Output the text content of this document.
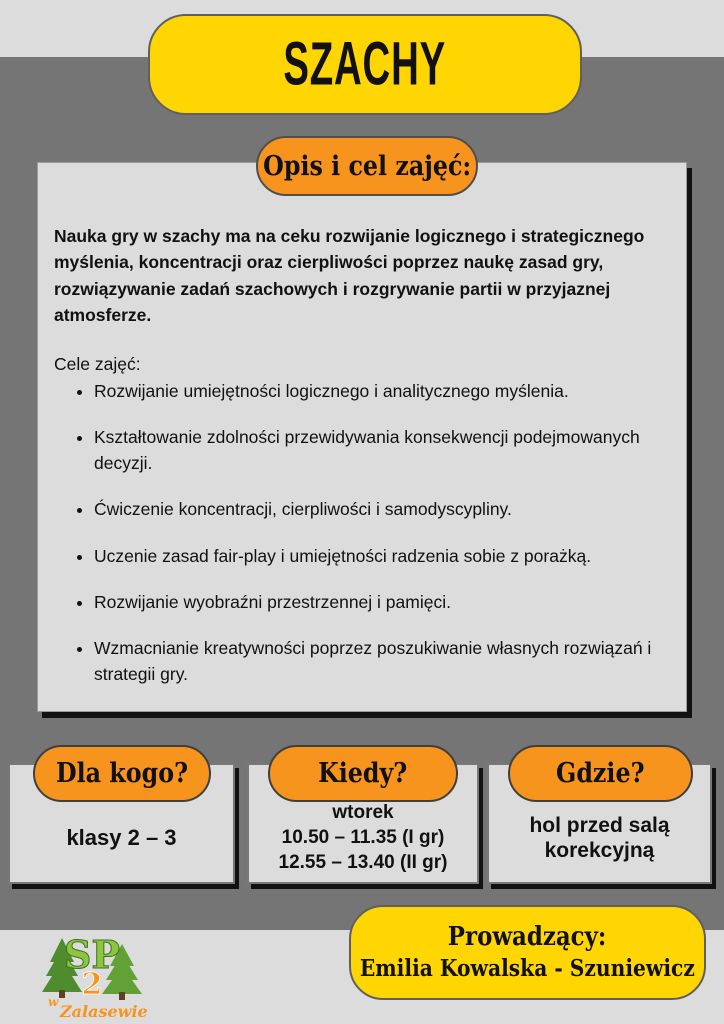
SZACHY
Opis i cel zajęć:

Nauka gry w szachy ma na ceku rozwijanie logicznego i strategicznego myślenia, koncentracji oraz cierpliwości poprzez naukę zasad gry, rozwiązywanie zadań szachowych i rozgrywanie partii w przyjaznej atmosferze.

Cele zajęć:

• Rozwijanie umiejętności logicznego i analitycznego myślenia.
• Kształtowanie zdolności przewidywania konsekwencji podejmowanych decyzji.
• Ćwiczenie koncentracji, cierpliwości i samodyscypliny.
• Uczenie zasad fair-play i umiejętności radzenia sobie z porażką.
• Rozwijanie wyobraźni przestrzennej i pamięci.
• Wzmacnianie kreatywności poprzez poszukiwanie własnych rozwiązań i strategii gry.
Dla kogo?
klasy 2 – 3
Kiedy?
wtorek
10.50 – 11.35 (I gr)
12.55 – 13.40 (II gr)
Gdzie?
hol przed salą
korekcyjną
Prowadzący:
Emilia Kowalska - Szuniewicz
SP
2
w Zalasewie
